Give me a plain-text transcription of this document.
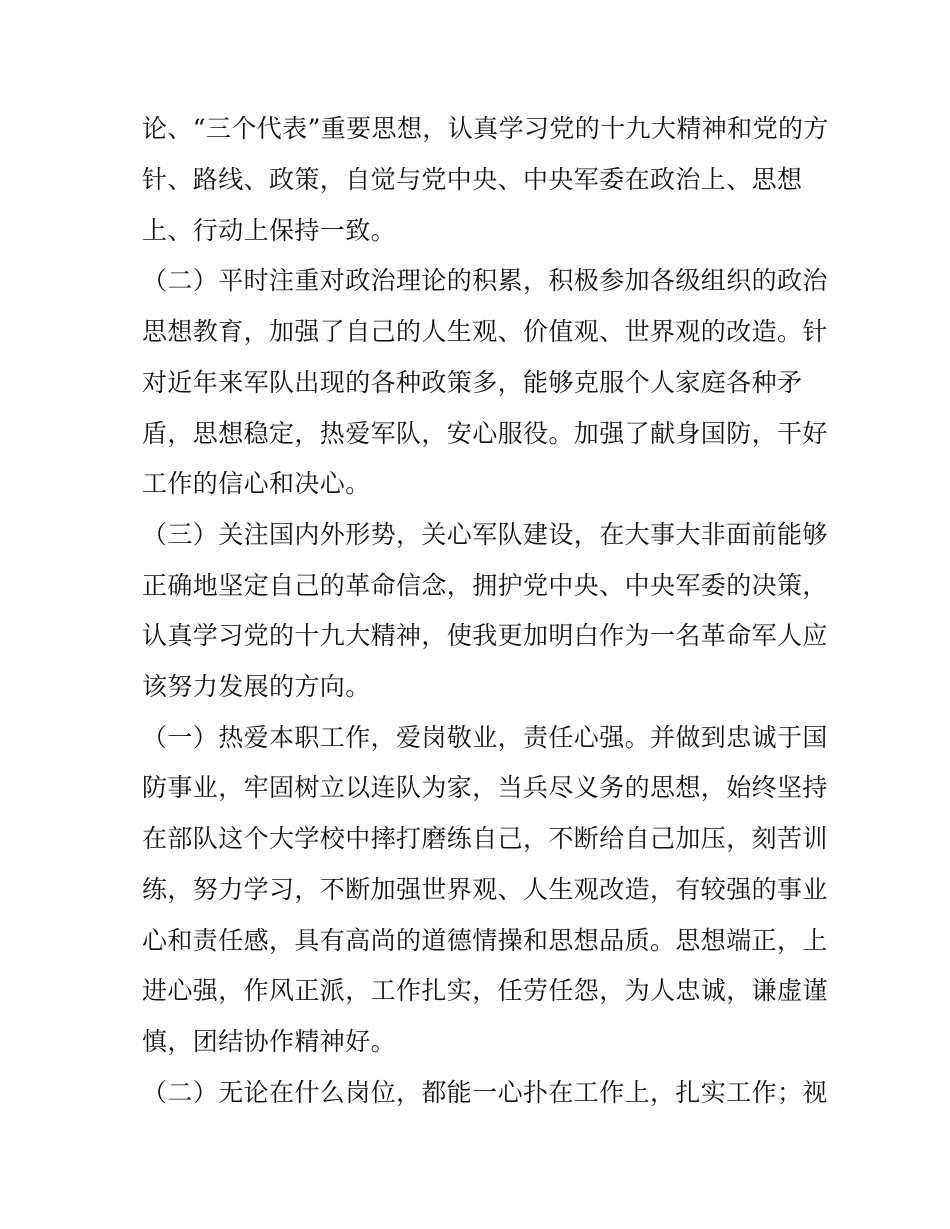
论、“三个代表”重要思想，认真学习党的十九大精神和党的方
针、路线、政策，自觉与党中央、中央军委在政治上、思想
上、行动上保持一致。
（二）平时注重对政治理论的积累，积极参加各级组织的政治
思想教育，加强了自己的人生观、价值观、世界观的改造。针
对近年来军队出现的各种政策多，能够克服个人家庭各种矛
盾，思想稳定，热爱军队，安心服役。加强了献身国防，干好
工作的信心和决心。
（三）关注国内外形势，关心军队建设，在大事大非面前能够
正确地坚定自己的革命信念，拥护党中央、中央军委的决策，
认真学习党的十九大精神，使我更加明白作为一名革命军人应
该努力发展的方向。
（一）热爱本职工作，爱岗敬业，责任心强。并做到忠诚于国
防事业，牢固树立以连队为家，当兵尽义务的思想，始终坚持
在部队这个大学校中摔打磨练自己，不断给自己加压，刻苦训
练，努力学习，不断加强世界观、人生观改造，有较强的事业
心和责任感，具有高尚的道德情操和思想品质。思想端正，上
进心强，作风正派，工作扎实，任劳任怨，为人忠诚，谦虚谨
慎，团结协作精神好。
（二）无论在什么岗位，都能一心扑在工作上，扎实工作；视
